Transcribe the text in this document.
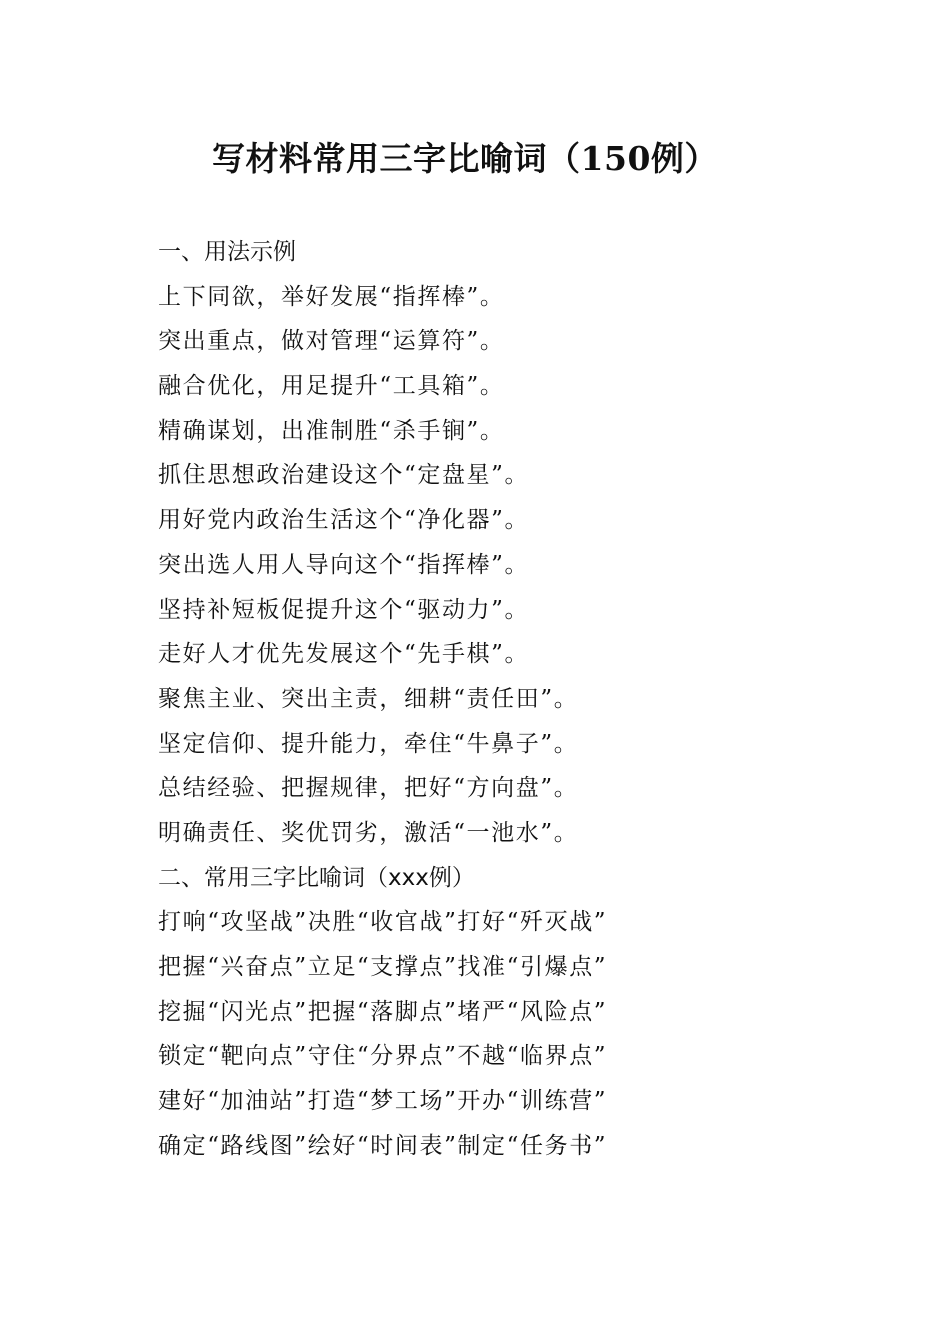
写材料常用三字比喻词（150例）
一、用法示例
上下同欲，举好发展“指挥棒”。
突出重点，做对管理“运算符”。
融合优化，用足提升“工具箱”。
精确谋划，出准制胜“杀手锏”。
抓住思想政治建设这个“定盘星”。
用好党内政治生活这个“净化器”。
突出选人用人导向这个“指挥棒”。
坚持补短板促提升这个“驱动力”。
走好人才优先发展这个“先手棋”。
聚焦主业、突出主责，细耕“责任田”。
坚定信仰、提升能力，牵住“牛鼻子”。
总结经验、把握规律，把好“方向盘”。
明确责任、奖优罚劣，激活“一池水”。
二、常用三字比喻词（xxx例）
打响“攻坚战”决胜“收官战”打好“歼灭战”
把握“兴奋点”立足“支撑点”找准“引爆点”
挖掘“闪光点”把握“落脚点”堵严“风险点”
锁定“靶向点”守住“分界点”不越“临界点”
建好“加油站”打造“梦工场”开办“训练营”
确定“路线图”绘好“时间表”制定“任务书”
